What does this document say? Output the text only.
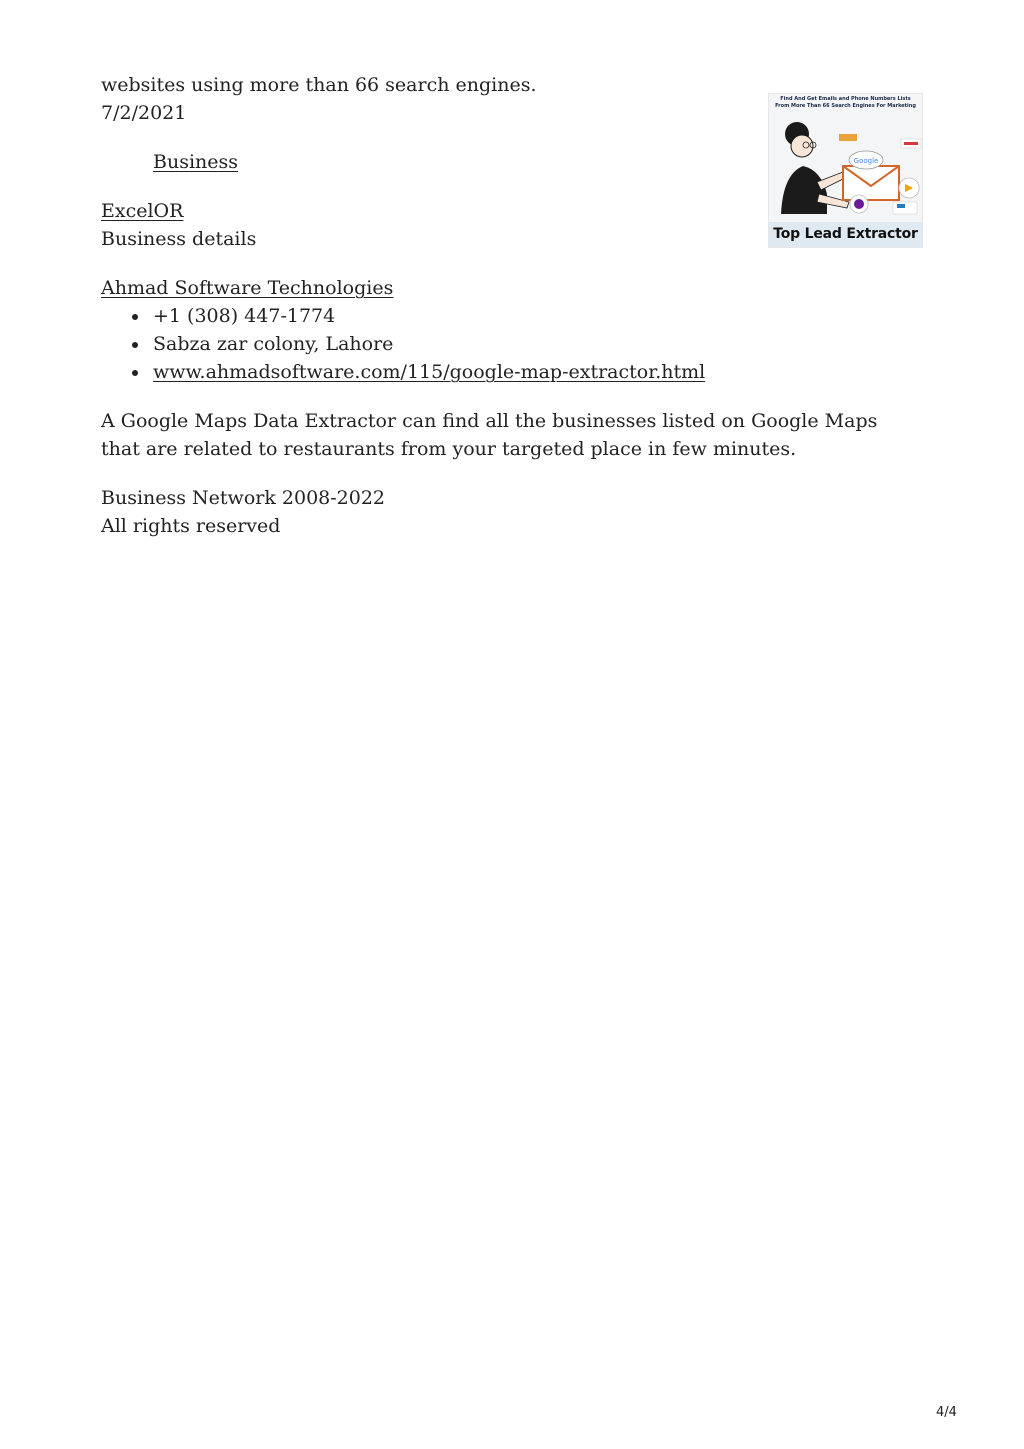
websites using more than 66 search engines.
7/2/2021
Business
ExcelOR
Business details
Ahmad Software Technologies
+1 (308) 447-1774
Sabza zar colony, Lahore
www.ahmadsoftware.com/115/google-map-extractor.html

A Google Maps Data Extractor can find all the businesses listed on Google Maps that are related to restaurants from your targeted place in few minutes.

Business Network 2008-2022
All rights reserved
Find And Get Emails and Phone Numbers Lists From More Than 66 Search Engines For Marketing
Google
Top Lead Extractor
4/4
